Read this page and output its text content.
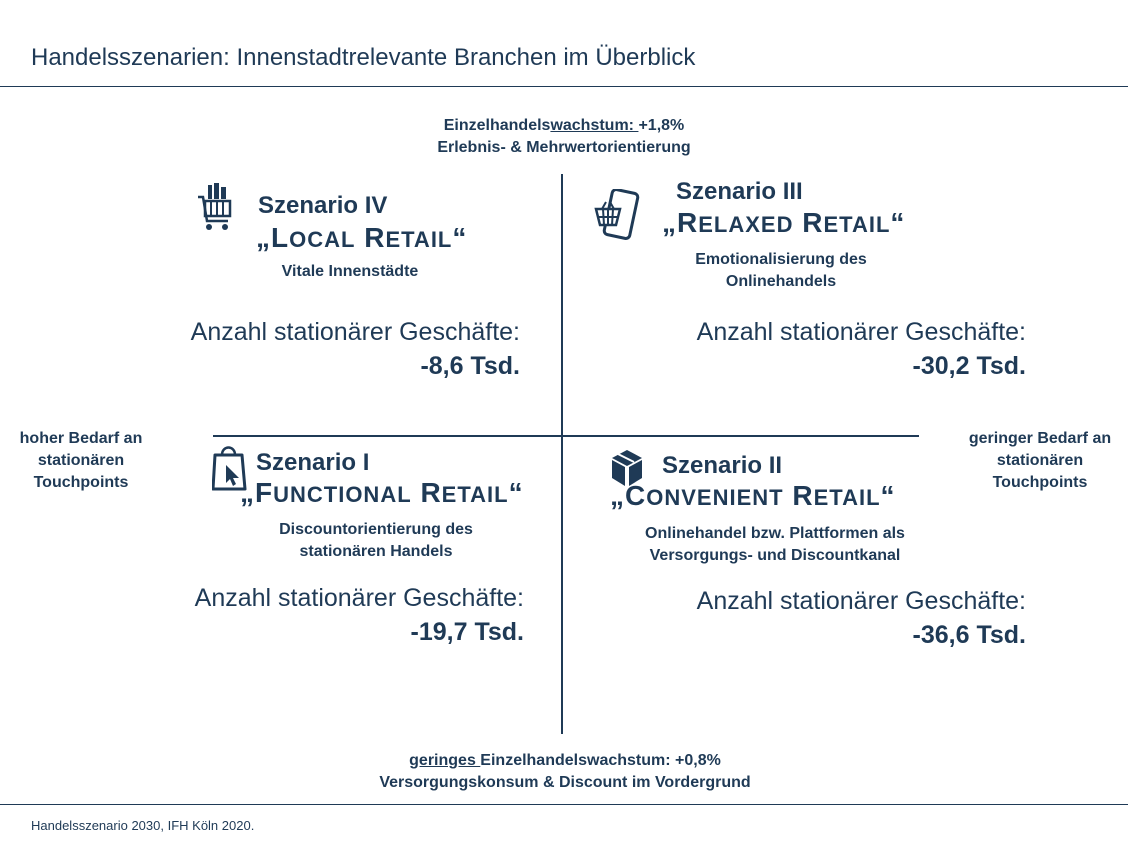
Handelsszenarien: Innenstadtrelevante Branchen im Überblick
Einzelhandelswachstum: +1,8%
Erlebnis- & Mehrwertorientierung
hoher Bedarf an
stationären
Touchpoints
geringer Bedarf an
stationären
Touchpoints
Szenario IV
„LOCAL RETAIL“
Vitale Innenstädte
Anzahl stationärer Geschäfte:
-8,6 Tsd.
Szenario III
„RELAXED RETAIL“
Emotionalisierung des
Onlinehandels
Anzahl stationärer Geschäfte:
-30,2 Tsd.
Szenario I
„FUNCTIONAL RETAIL“
Discountorientierung des
stationären Handels
Anzahl stationärer Geschäfte:
-19,7 Tsd.
Szenario II
„CONVENIENT RETAIL“
Onlinehandel bzw. Plattformen als
Versorgungs- und Discountkanal
Anzahl stationärer Geschäfte:
-36,6 Tsd.
geringes Einzelhandelswachstum: +0,8%
Versorgungskonsum & Discount im Vordergrund
Handelsszenario 2030, IFH Köln 2020.
